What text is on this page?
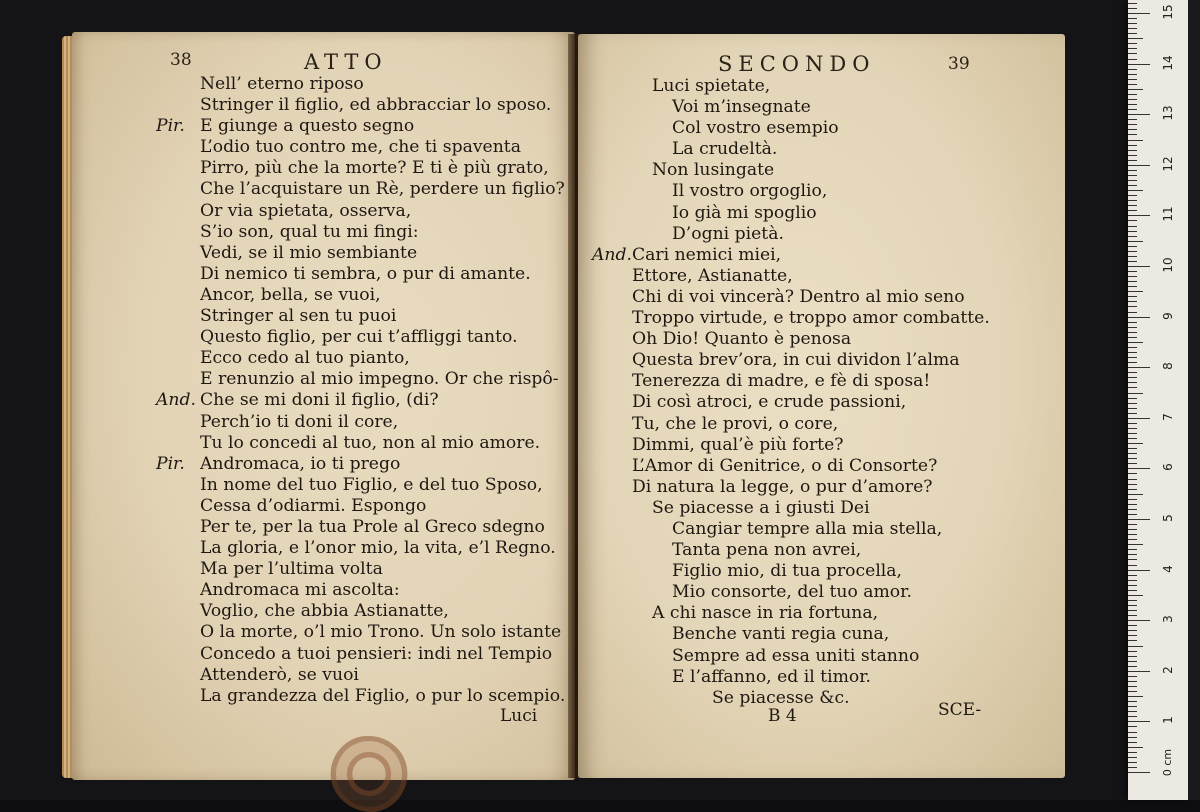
38	ATTO
Nell’ eterno riposo
Stringer il figlio, ed abbracciar lo sposo.
Pir. E giunge a questo segno
L’odio tuo contro me, che ti spaventa
Pirro, più che la morte? E ti è più grato,
Che l’acquistare un Rè, perdere un figlio?
Or via spietata, osserva,
S’io son, qual tu mi fingi:
Vedi, se il mio sembiante
Di nemico ti sembra, o pur di amante.
Ancor, bella, se vuoi,
Stringer al sen tu puoi
Questo figlio, per cui t’affliggi tanto.
Ecco cedo al tuo pianto,
E renunzio al mio impegno. Or che rispô-
And. Che se mi doni il figlio, (di?
Perch’io ti doni il core,
Tu lo concedi al tuo, non al mio amore.
Pir. Andromaca, io ti prego
In nome del tuo Figlio, e del tuo Sposo,
Cessa d’odiarmi. Espongo
Per te, per la tua Prole al Greco sdegno
La gloria, e l’onor mio, la vita, e’l Regno.
Ma per l’ultima volta
Andromaca mi ascolta:
Voglio, che abbia Astianatte,
O la morte, o’l mio Trono. Un solo istante
Concedo a tuoi pensieri: indi nel Tempio
Attenderò, se vuoi
La grandezza del Figlio, o pur lo scempio.
Luci
SECONDO	39
Luci spietate,
Voi m’insegnate
Col vostro esempio
La crudeltà.
Non lusingate
Il vostro orgoglio,
Io già mi spoglio
D’ogni pietà.
And. Cari nemici miei,
Ettore, Astianatte,
Chi di voi vincerà? Dentro al mio seno
Troppo virtude, e troppo amor combatte.
Oh Dio! Quanto è penosa
Questa brev’ora, in cui dividon l’alma
Tenerezza di madre, e fè di sposa!
Di così atroci, e crude passioni,
Tu, che le provi, o core,
Dimmi, qual’è più forte?
L’Amor di Genitrice, o di Consorte?
Di natura la legge, o pur d’amore?
Se piacesse a i giusti Dei
Cangiar tempre alla mia stella,
Tanta pena non avrei,
Figlio mio, di tua procella,
Mio consorte, del tuo amor.
A chi nasce in ria fortuna,
Benche vanti regia cuna,
Sempre ad essa uniti stanno
E l’affanno, ed il timor.
Se piacesse &c.
B 4	SCE-
0 cm
1
2
3
4
5
6
7
8
9
10
11
12
13
14
15
